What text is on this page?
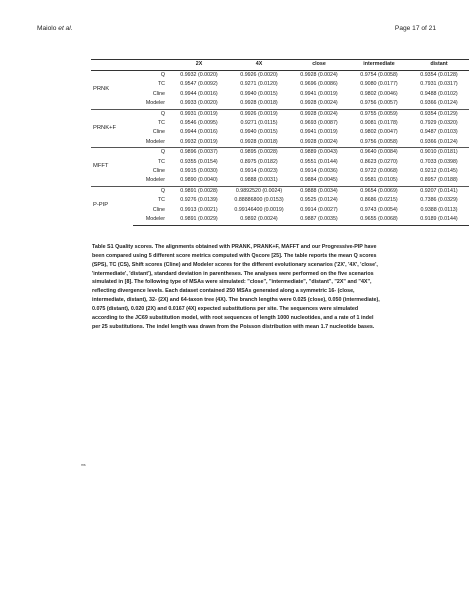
Maiolo et al.	Page 17 of 21
		2X	4X	close	intermediate	distant
PRNK	Q	0.9932 (0.0020)	0.9926 (0.0020)	0.9928 (0.0024)	0.9754 (0.0058)	0.9354 (0.0128)
	TC	0.9547 (0.0092)	0.9271 (0.0120)	0.9696 (0.0086)	0.9080 (0.0177)	0.7931 (0.0317)
	Cline	0.9944 (0.0016)	0.9940 (0.0015)	0.9941 (0.0019)	0.9802 (0.0046)	0.9488 (0.0102)
	Modeler	0.9933 (0.0020)	0.9928 (0.0018)	0.9928 (0.0024)	0.9756 (0.0057)	0.9366 (0.0124)
PRNK+F	Q	0.9931 (0.0019)	0.9926 (0.0019)	0.9928 (0.0024)	0.9755 (0.0059)	0.9354 (0.0129)
	TC	0.9546 (0.0095)	0.9271 (0.0115)	0.9693 (0.0087)	0.9081 (0.0178)	0.7929 (0.0320)
	Cline	0.9944 (0.0016)	0.9940 (0.0015)	0.9941 (0.0019)	0.9802 (0.0047)	0.9487 (0.0103)
	Modeler	0.9932 (0.0019)	0.9928 (0.0018)	0.9928 (0.0024)	0.9756 (0.0058)	0.9366 (0.0124)
MFFT	Q	0.9896 (0.0037)	0.9895 (0.0028)	0.9889 (0.0043)	0.9640 (0.0084)	0.9010 (0.0181)
	TC	0.9355 (0.0154)	0.8975 (0.0182)	0.9551 (0.0144)	0.8623 (0.0270)	0.7033 (0.0398)
	Cline	0.9915 (0.0030)	0.9914 (0.0023)	0.9914 (0.0036)	0.9722 (0.0068)	0.9212 (0.0145)
	Modeler	0.9890 (0.0040)	0.9888 (0.0031)	0.9884 (0.0045)	0.9581 (0.0105)	0.8957 (0.0188)
P-PIP	Q	0.9891 (0.0028)	0.9892520 (0.0024)	0.9888 (0.0034)	0.9654 (0.0069)	0.9207 (0.0141)
	TC	0.9276 (0.0139)	0.88886800 (0.0153)	0.9525 (0.0124)	0.8686 (0.0215)	0.7386 (0.0329)
	Cline	0.9913 (0.0021)	0.99146400 (0.0019)	0.9914 (0.0027)	0.9743 (0.0054)	0.9388 (0.0113)
	Modeler	0.9891 (0.0029)	0.9892 (0.0024)	0.9887 (0.0035)	0.9655 (0.0068)	0.9189 (0.0144)

Table S1 Quality scores. The alignments obtained with PRANK, PRANK+F, MAFFT and our Progressive-PIP have been compared using 5 different score metrics computed with Qscore [25]. The table reports the mean Q scores (SPS), TC (CS), Shift scores (Cline) and Modeler scores for the different evolutionary scenarios ('2X', '4X', 'close', 'intermediate', 'distant'), standard deviation in parentheses. The analyses were performed on the five scenarios simulated in [8]. The following type of MSAs were simulated: "close", "intermediate", "distant", "2X" and "4X", reflecting divergence levels. Each dataset contained 250 MSAs generated along a symmetric 16- (close, intermediate, distant), 32- (2X) and 64-taxon tree (4X). The branch lengths were 0.025 (close), 0.050 (intermediate), 0.075 (distant), 0.020 (2X) and 0.0167 (4X) expected substitutions per site. The sequences were simulated according to the JC69 substitution model, with root sequences of length 1000 nucleotides, and a rate of 1 indel per 25 substitutions. The indel length was drawn from the Poisson distribution with mean 1.7 nucleotide bases.

ms
